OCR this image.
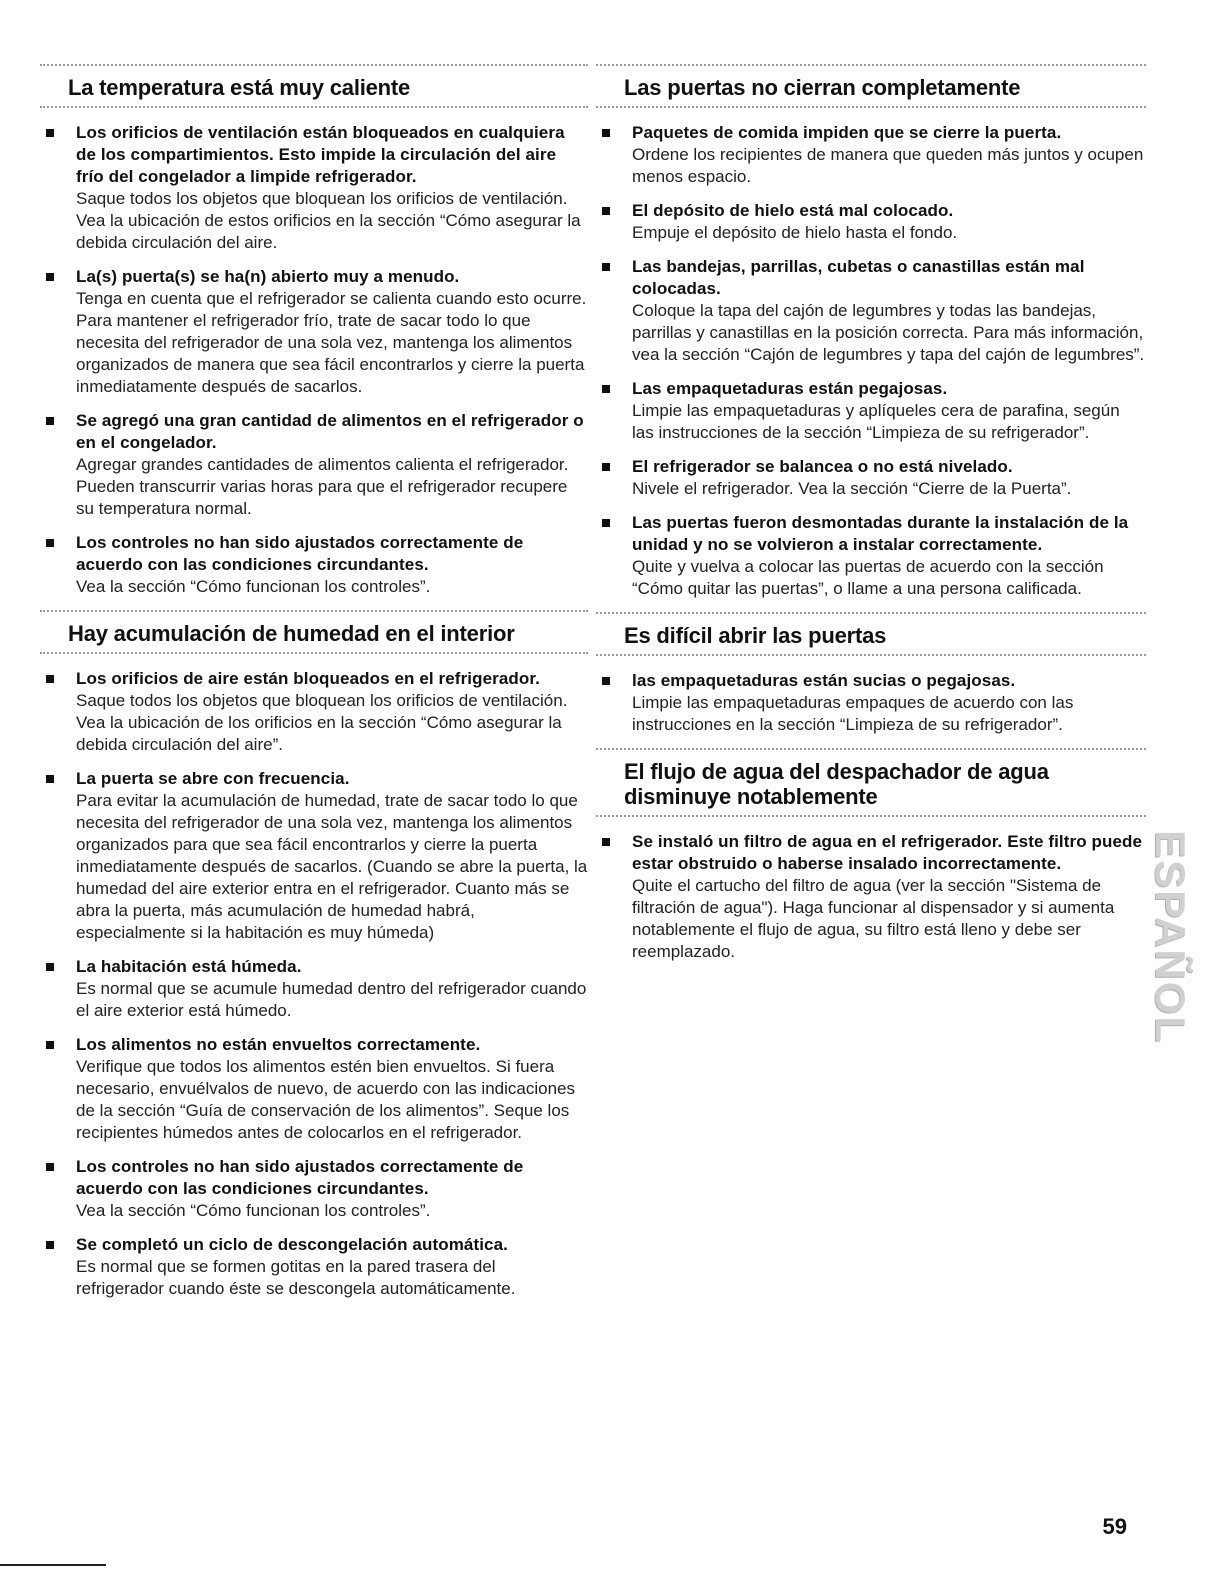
La temperatura está muy caliente

Los orificios de ventilación están bloqueados en cualquiera de los compartimientos. Esto impide la circulación del aire frío del congelador a limpide refrigerador.

Saque todos los objetos que bloquean los orificios de ventilación. Vea la ubicación de estos orificios en la sección “Cómo asegurar la debida circulación del aire.

La(s) puerta(s) se ha(n) abierto muy a menudo.

Tenga en cuenta que el refrigerador se calienta cuando esto ocurre. Para mantener el refrigerador frío, trate de sacar todo lo que necesita del refrigerador de una sola vez, mantenga los alimentos organizados de manera que sea fácil encontrarlos y cierre la puerta inmediatamente después de sacarlos.

Se agregó una gran cantidad de alimentos en el refrigerador o en el congelador.

Agregar grandes cantidades de alimentos calienta el refrigerador. Pueden transcurrir varias horas para que el refrigerador recupere su temperatura normal.

Los controles no han sido ajustados correctamente de acuerdo con las condiciones circundantes.

Vea la sección “Cómo funcionan los controles”.

Hay acumulación de humedad en el interior

Los orificios de aire están bloqueados en el refrigerador.

Saque todos los objetos que bloquean los orificios de ventilación. Vea la ubicación de los orificios en la sección “Cómo asegurar la debida circulación del aire”.

La puerta se abre con frecuencia.

Para evitar la acumulación de humedad, trate de sacar todo lo que necesita del refrigerador de una sola vez, mantenga los alimentos organizados para que sea fácil encontrarlos y cierre la puerta inmediatamente después de sacarlos. (Cuando se abre la puerta, la humedad del aire exterior entra en el refrigerador. Cuanto más se abra la puerta, más acumulación de humedad habrá, especialmente si la habitación es muy húmeda)

La habitación está húmeda.

Es normal que se acumule humedad dentro del refrigerador cuando el aire exterior está húmedo.

Los alimentos no están envueltos correctamente.

Verifique que todos los alimentos estén bien envueltos. Si fuera necesario, envuélvalos de nuevo, de acuerdo con las indicaciones de la sección “Guía de conservación de los alimentos”. Seque los recipientes húmedos antes de colocarlos en el refrigerador.

Los controles no han sido ajustados correctamente de acuerdo con las condiciones circundantes.

Vea la sección “Cómo funcionan los controles”.

Se completó un ciclo de descongelación automática.

Es normal que se formen gotitas en la pared trasera del refrigerador cuando éste se descongela automáticamente.

Las puertas no cierran completamente

Paquetes de comida impiden que se cierre la puerta.

Ordene los recipientes de manera que queden más juntos y ocupen menos espacio.

El depósito de hielo está mal colocado.

Empuje el depósito de hielo hasta el fondo.

Las bandejas, parrillas, cubetas o canastillas están mal colocadas.

Coloque la tapa del cajón de legumbres y todas las bandejas, parrillas y canastillas en la posición correcta. Para más información, vea la sección “Cajón de legumbres y tapa del cajón de legumbres”.

Las empaquetaduras están pegajosas.

Limpie las empaquetaduras y aplíqueles cera de parafina, según las instrucciones de la sección “Limpieza de su refrigerador”.

El refrigerador se balancea o no está nivelado.

Nivele el refrigerador. Vea la sección “Cierre de la Puerta”.

Las puertas fueron desmontadas durante la instalación de la unidad y no se volvieron a instalar correctamente.

Quite y vuelva a colocar las puertas de acuerdo con la sección “Cómo quitar las puertas”, o llame a una persona calificada.

Es difícil abrir las puertas

las empaquetaduras están sucias o pegajosas.

Limpie las empaquetaduras empaques de acuerdo con las instrucciones en la sección “Limpieza de su refrigerador”.

El flujo de agua del despachador de agua disminuye notablemente

Se instaló un filtro de agua en el refrigerador. Este filtro puede estar obstruido o haberse insalado incorrectamente.

Quite el cartucho del filtro de agua (ver la sección "Sistema de filtración de agua"). Haga funcionar al dispensador y si aumenta notablemente el flujo de agua, su filtro está lleno y debe ser reemplazado.	ESPAÑOL
59
